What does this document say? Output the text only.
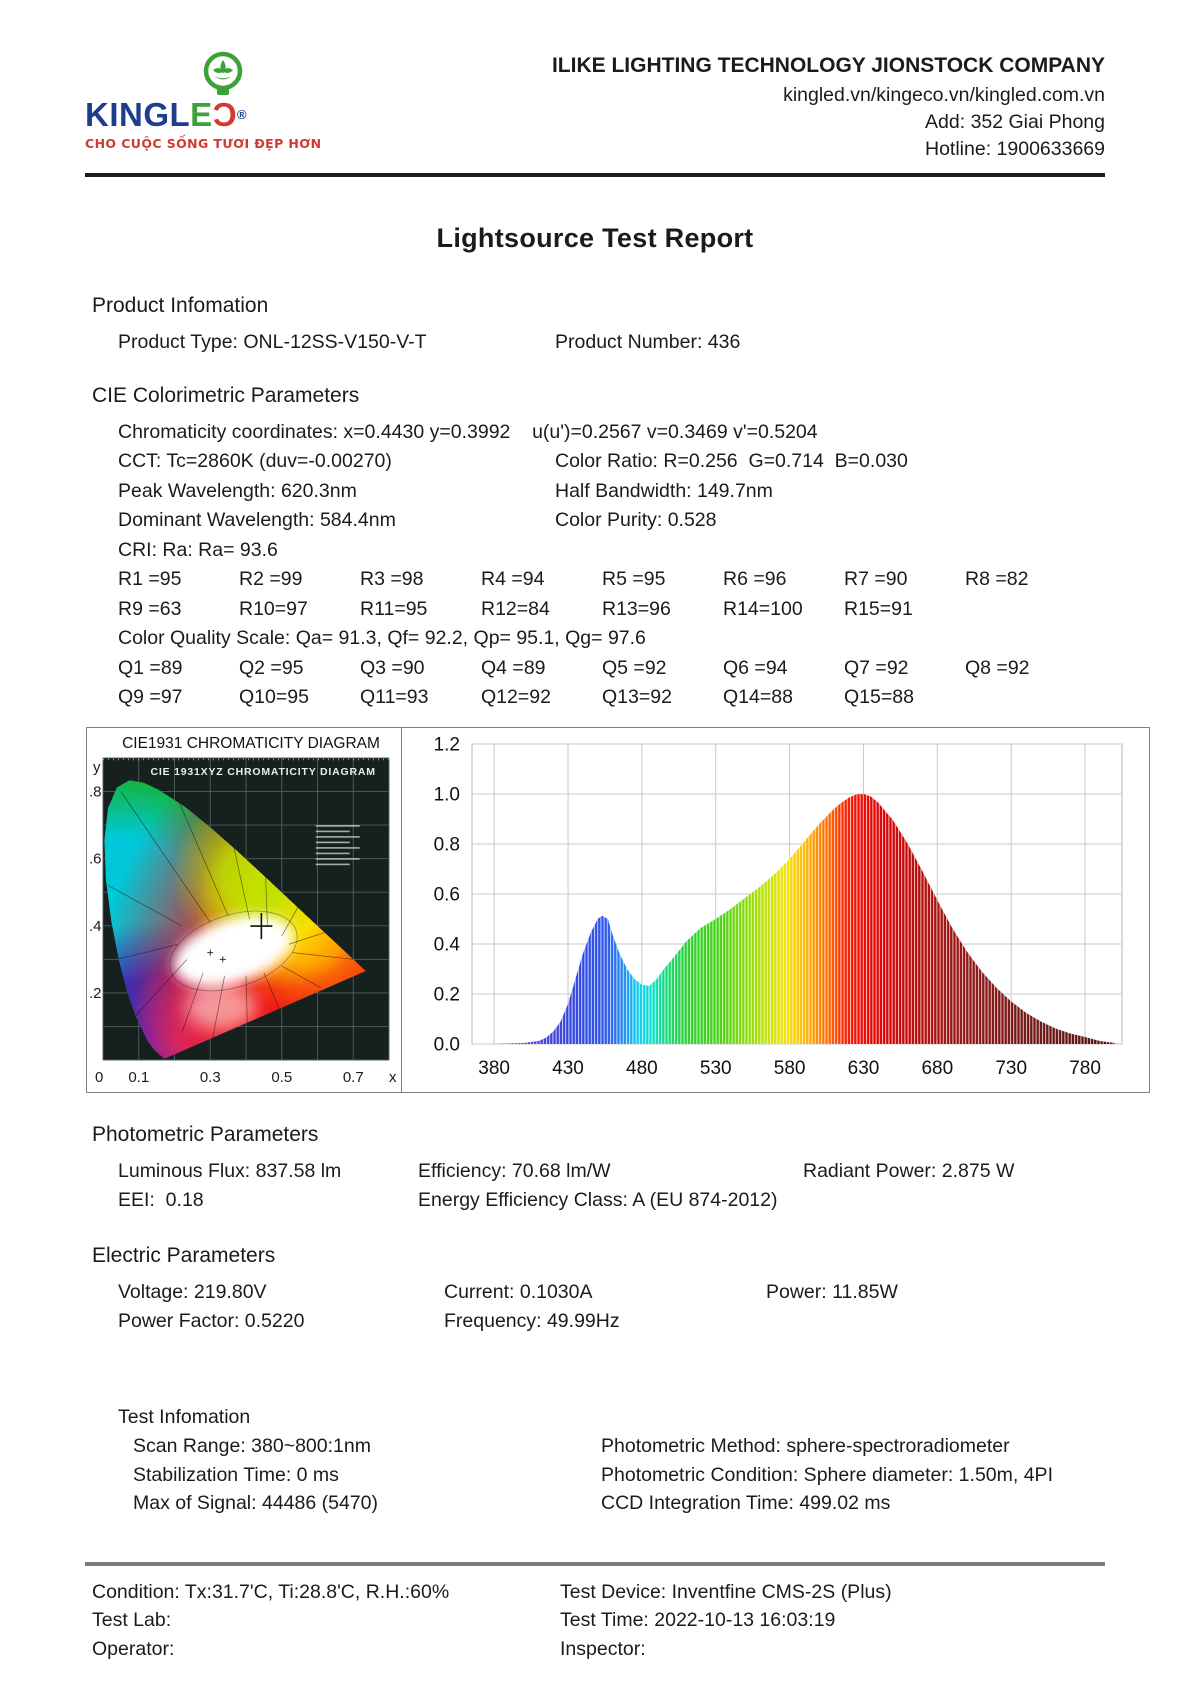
KINGLEƆ®
CHO CUỘC SỐNG TƯƠI ĐẸP HƠN
ILIKE LIGHTING TECHNOLOGY JIONSTOCK COMPANY
kingled.vn/kingeco.vn/kingled.com.vn
Add: 352 Giai Phong
Hotline: 1900633669
Lightsource Test Report
Product Infomation
Product Type: ONL-12SS-V150-V-T	Product Number: 436
CIE Colorimetric Parameters
Chromaticity coordinates: x=0.4430 y=0.3992    u(u')=0.2567 v=0.3469 v'=0.5204
CCT: Tc=2860K (duv=-0.00270)	Color Ratio: R=0.256  G=0.714  B=0.030
Peak Wavelength: 620.3nm	Half Bandwidth: 149.7nm
Dominant Wavelength: 584.4nm	Color Purity: 0.528
CRI: Ra: Ra= 93.6
R1 =95	R2 =99	R3 =98	R4 =94	R5 =95	R6 =96	R7 =90	R8 =82
R9 =63	R10=97	R11=95	R12=84	R13=96	R14=100	R15=91
Color Quality Scale: Qa= 91.3, Qf= 92.2, Qp= 95.1, Qg= 97.6
Q1 =89	Q2 =95	Q3 =90	Q4 =89	Q5 =92	Q6 =94	Q7 =92	Q8 =92
Q9 =97	Q10=95	Q11=93	Q12=92	Q13=92	Q14=88	Q15=88
CIE1931 CHROMATICITY DIAGRAM
y	CIE 1931XYZ CHROMATICITY DIAGRAM
.8
.6
.4
.2
0 0.1	0.3	0.5	0.7 x
1.2
1.0
0.8
0.6
0.4
0.2
0.0
380 430 480 530 580 630 680 730 780
Photometric Parameters
Luminous Flux: 837.58 lm	Efficiency: 70.68 lm/W	Radiant Power: 2.875 W
EEI:  0.18	Energy Efficiency Class: A (EU 874-2012)
Electric Parameters
Voltage: 219.80V	Current: 0.1030A	Power: 11.85W
Power Factor: 0.5220	Frequency: 49.99Hz
Test Infomation
Scan Range: 380~800:1nm	Photometric Method: sphere-spectroradiometer
Stabilization Time: 0 ms	Photometric Condition: Sphere diameter: 1.50m, 4PI
Max of Signal: 44486 (5470)	CCD Integration Time: 499.02 ms
Condition: Tx:31.7'C, Ti:28.8'C, R.H.:60%	Test Device: Inventfine CMS-2S (Plus)
Test Lab:	Test Time: 2022-10-13 16:03:19
Operator:	Inspector:
